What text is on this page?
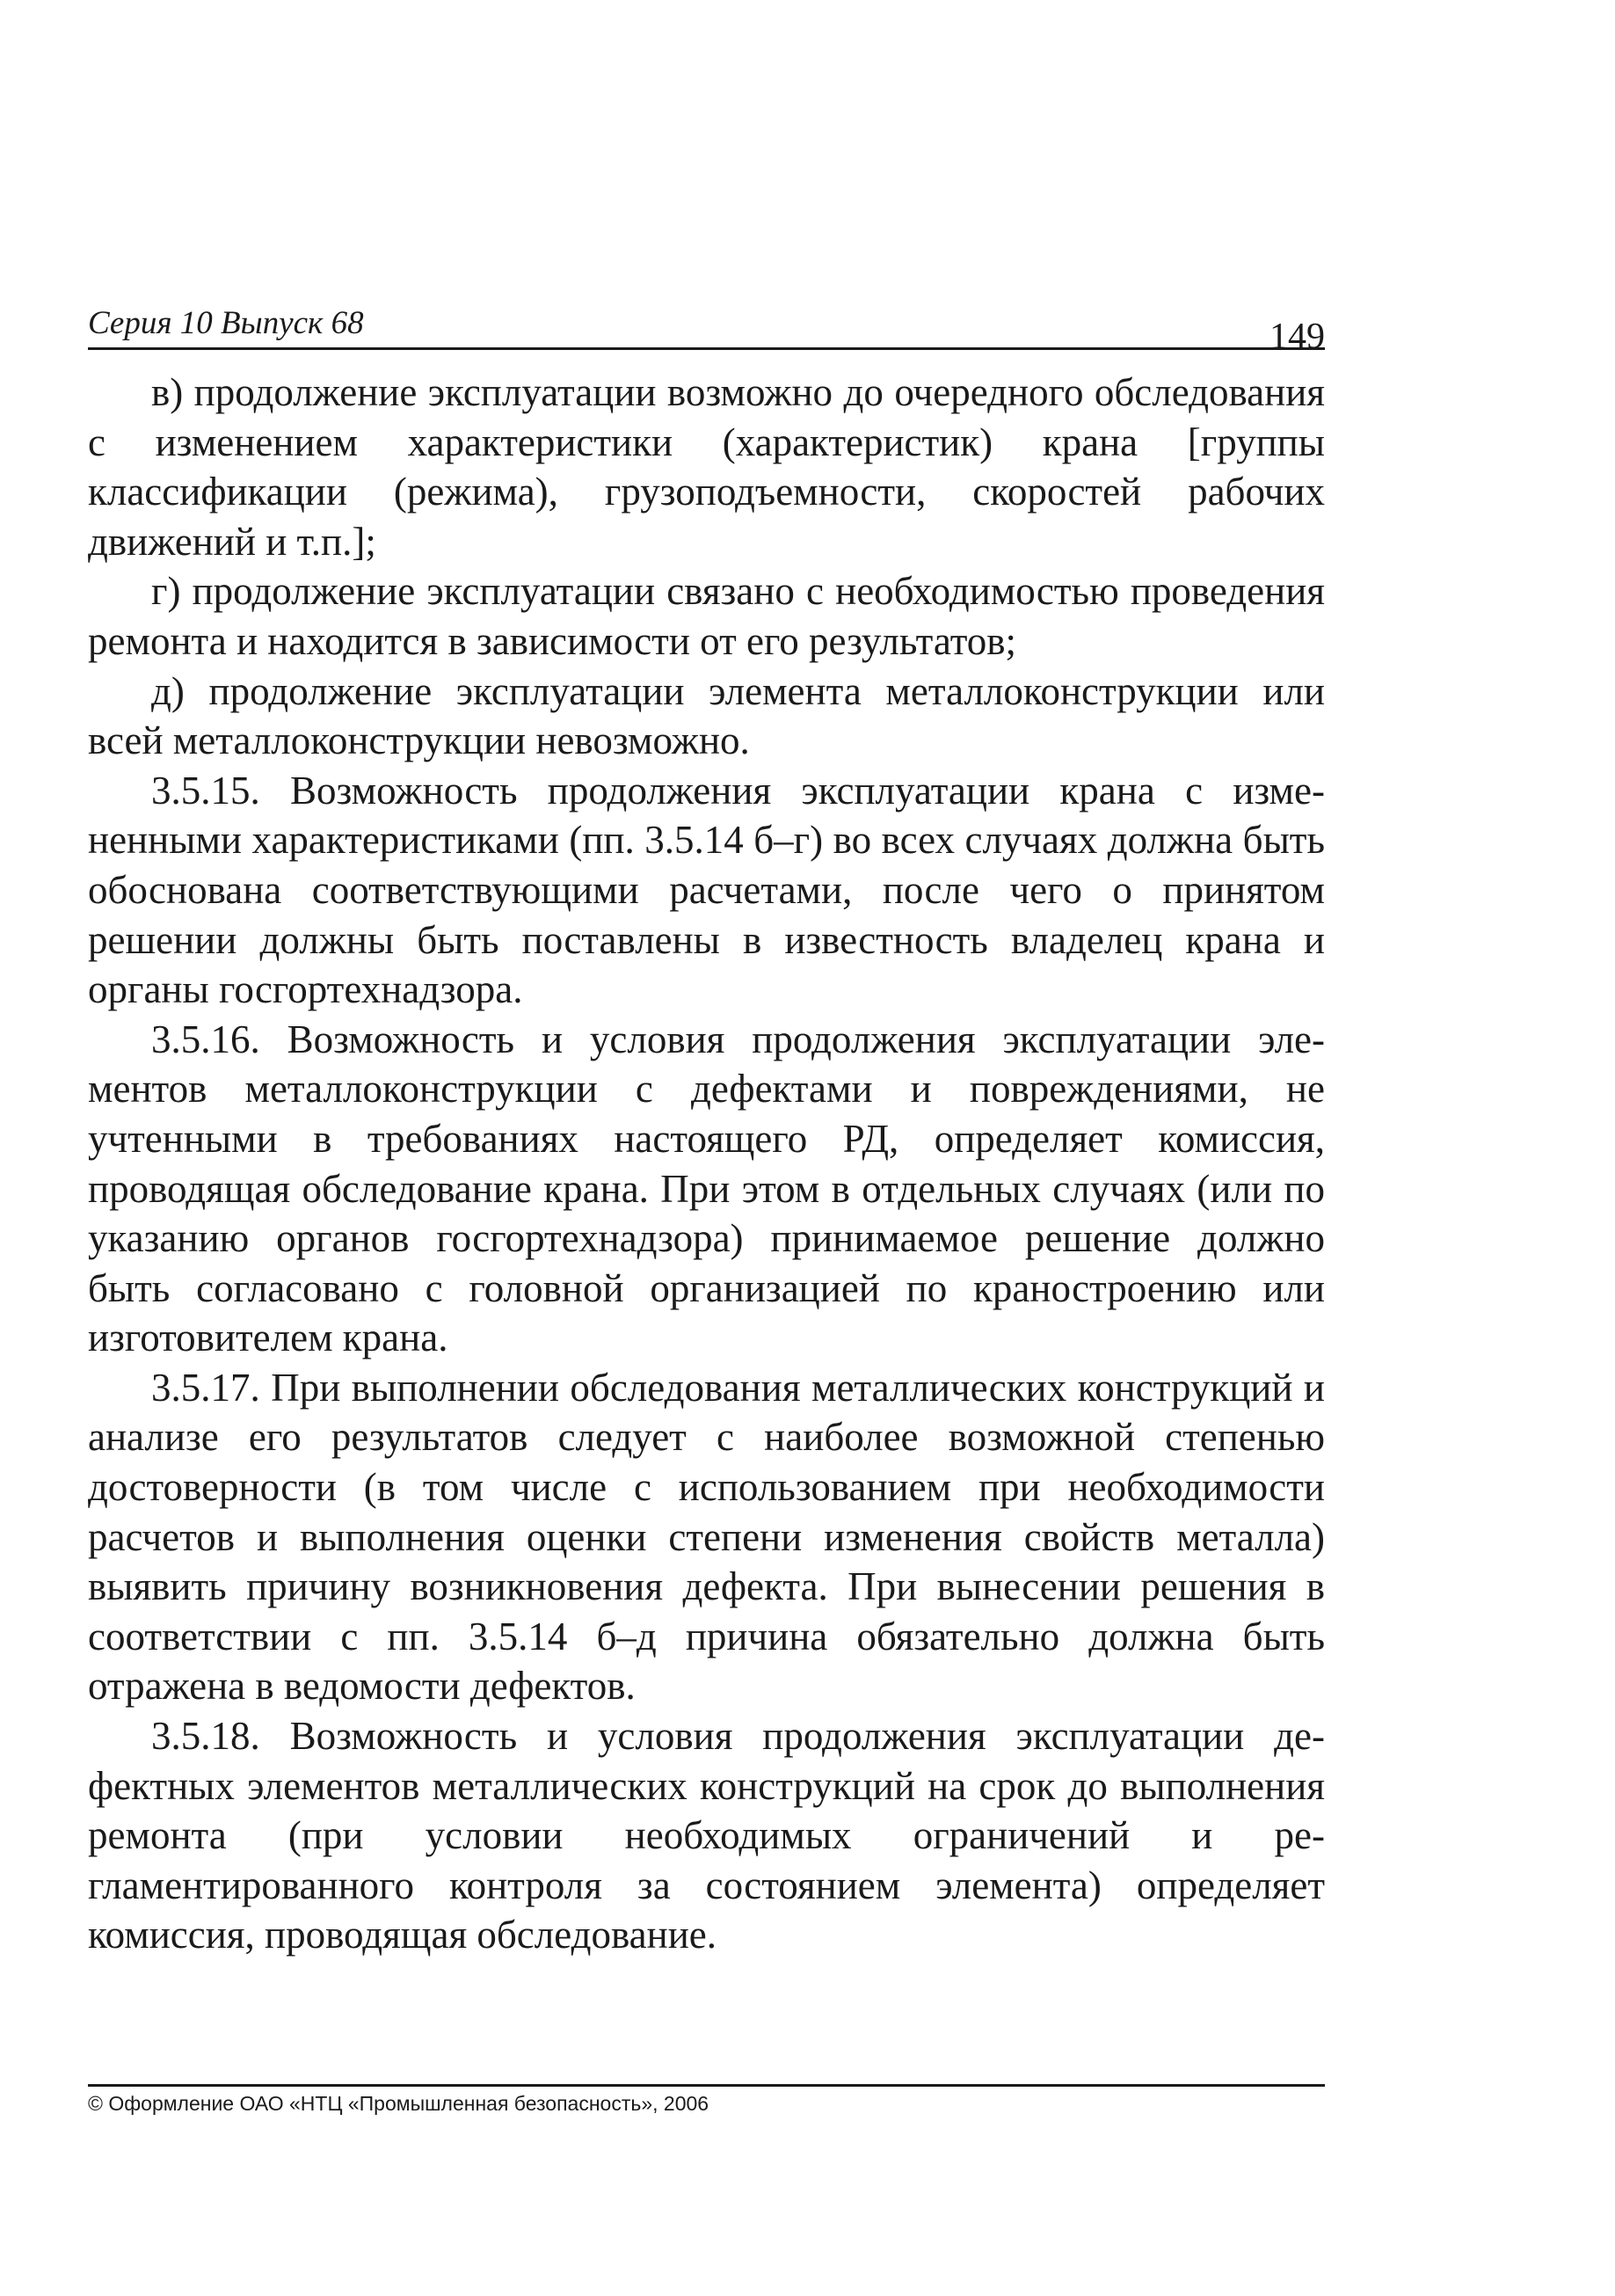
Серия 10 Выпуск 68	149

в) продолжение эксплуатации возможно до очередного обследования с изменением характеристики (характеристик) крана [группы классификации (режима), грузоподъемности, скоростей рабочих движений и т.п.];

г) продолжение эксплуатации связано с необходимостью проведения ремонта и находится в зависимости от его результатов;

д) продолжение эксплуатации элемента металлоконструкции или всей металлоконструкции невозможно.

3.5.15. Возможность продолжения эксплуатации крана с измененными характеристиками (пп. 3.5.14 б–г) во всех случаях должна быть обоснована соответствующими расчетами, после чего о принятом решении должны быть поставлены в известность владелец крана и органы госгортехнадзора.

3.5.16. Возможность и условия продолжения эксплуатации элементов металлоконструкции с дефектами и повреждениями, не учтенными в требованиях настоящего РД, определяет комиссия, проводящая обследование крана. При этом в отдельных случаях (или по указанию органов госгортехнадзора) принимаемое решение должно быть согласовано с головной организацией по краностроению или изготовителем крана.

3.5.17. При выполнении обследования металлических конструкций и анализе его результатов следует с наиболее возможной степенью достоверности (в том числе с использованием при необходимости расчетов и выполнения оценки степени изменения свойств металла) выявить причину возникновения дефекта. При вынесении решения в соответствии с пп. 3.5.14 б–д причина обязательно должна быть отражена в ведомости дефектов.

3.5.18. Возможность и условия продолжения эксплуатации дефектных элементов металлических конструкций на срок до выполнения ремонта (при условии необходимых ограничений и регламентированного контроля за состоянием элемента) определяет комиссия, проводящая обследование.

© Оформление ОАО «НТЦ «Промышленная безопасность», 2006
